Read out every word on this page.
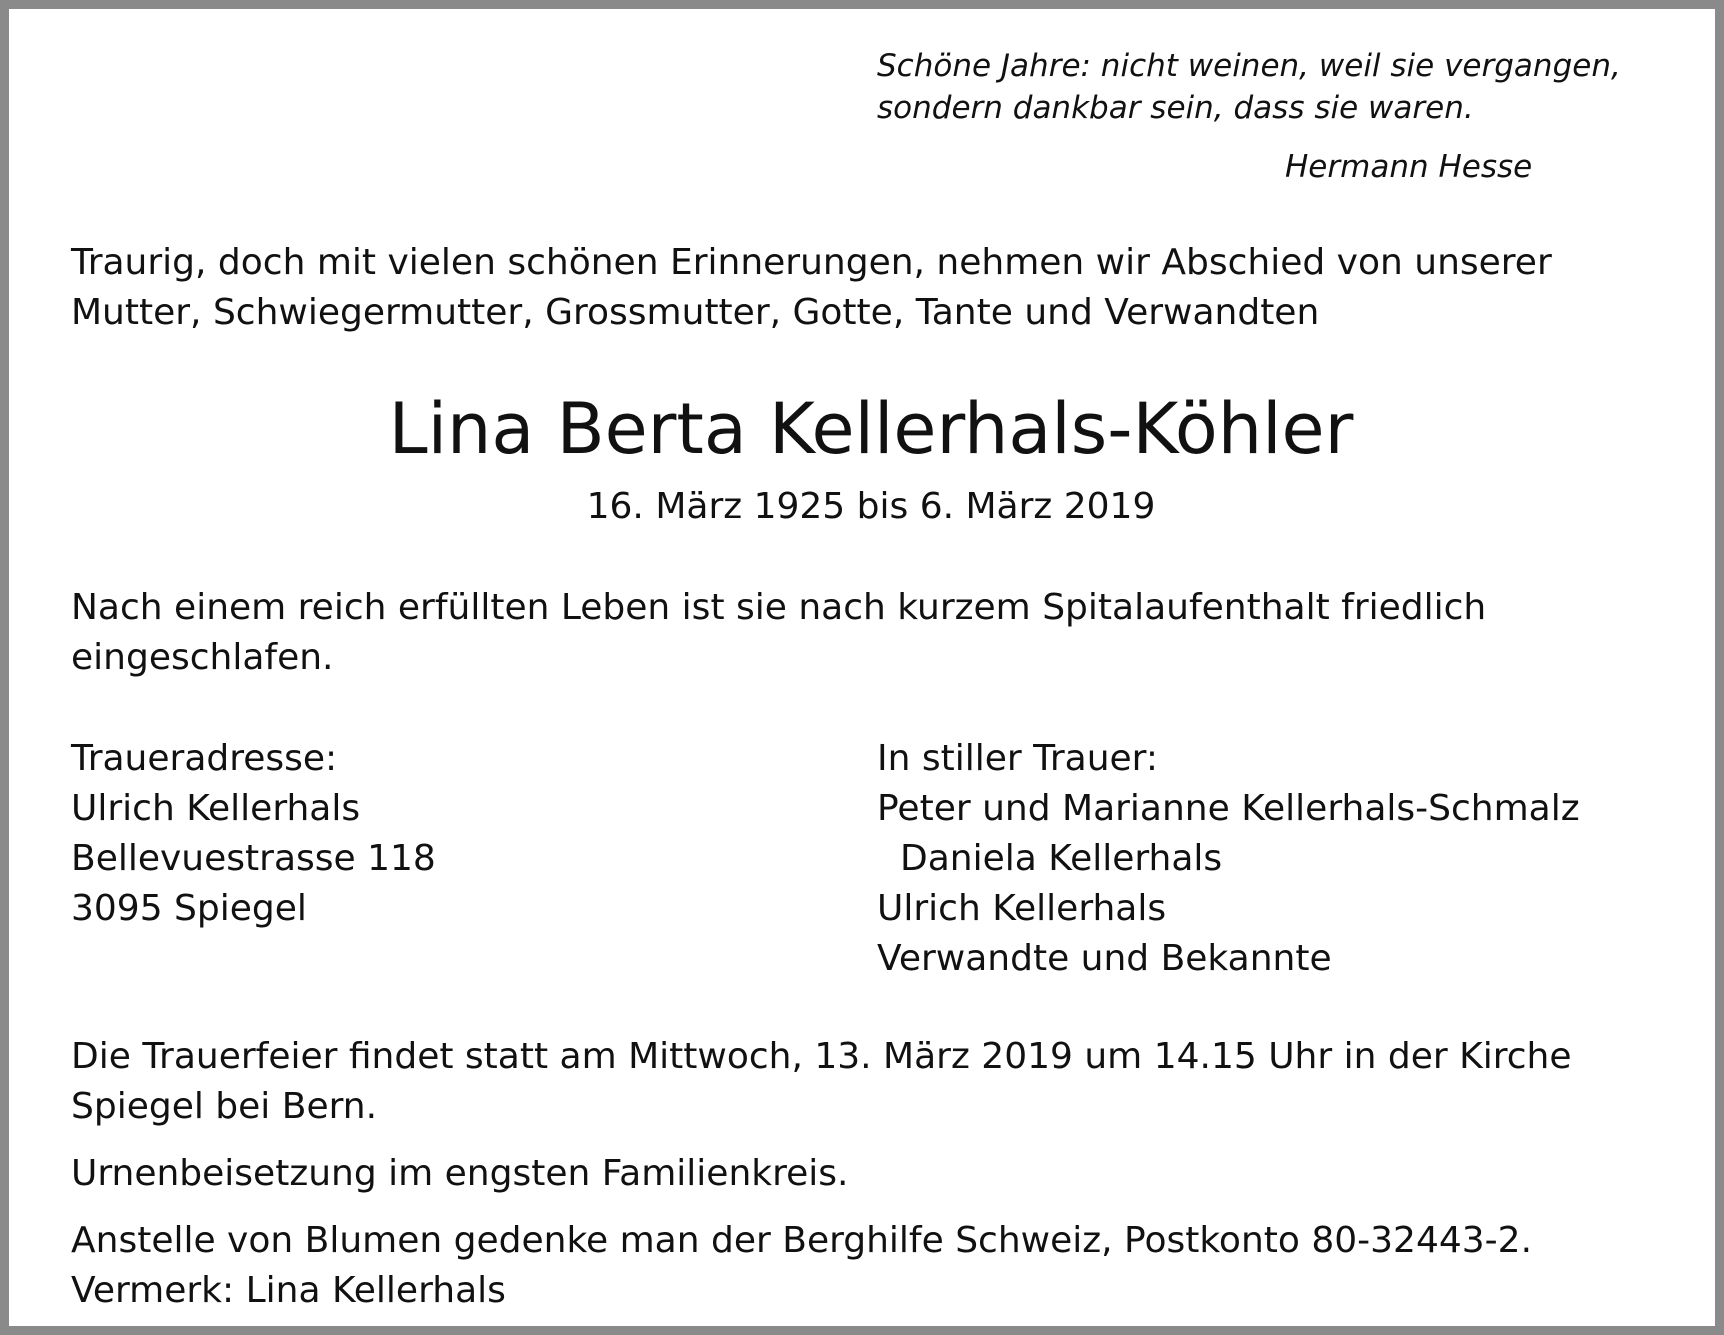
Schöne Jahre: nicht weinen, weil sie vergangen,
sondern dankbar sein, dass sie waren.
Hermann Hesse
Traurig, doch mit vielen schönen Erinnerungen, nehmen wir Abschied von unserer
Mutter, Schwiegermutter, Grossmutter, Gotte, Tante und Verwandten
Lina Berta Kellerhals-Köhler
16. März 1925 bis 6. März 2019
Nach einem reich erfüllten Leben ist sie nach kurzem Spitalaufenthalt friedlich
eingeschlafen.
Traueradresse:
Ulrich Kellerhals
Bellevuestrasse 118
3095 Spiegel
In stiller Trauer:
Peter und Marianne Kellerhals-Schmalz
Daniela Kellerhals
Ulrich Kellerhals
Verwandte und Bekannte
Die Trauerfeier findet statt am Mittwoch, 13. März 2019 um 14.15 Uhr in der Kirche
Spiegel bei Bern.
Urnenbeisetzung im engsten Familienkreis.
Anstelle von Blumen gedenke man der Berghilfe Schweiz, Postkonto 80-32443-2.
Vermerk: Lina Kellerhals
